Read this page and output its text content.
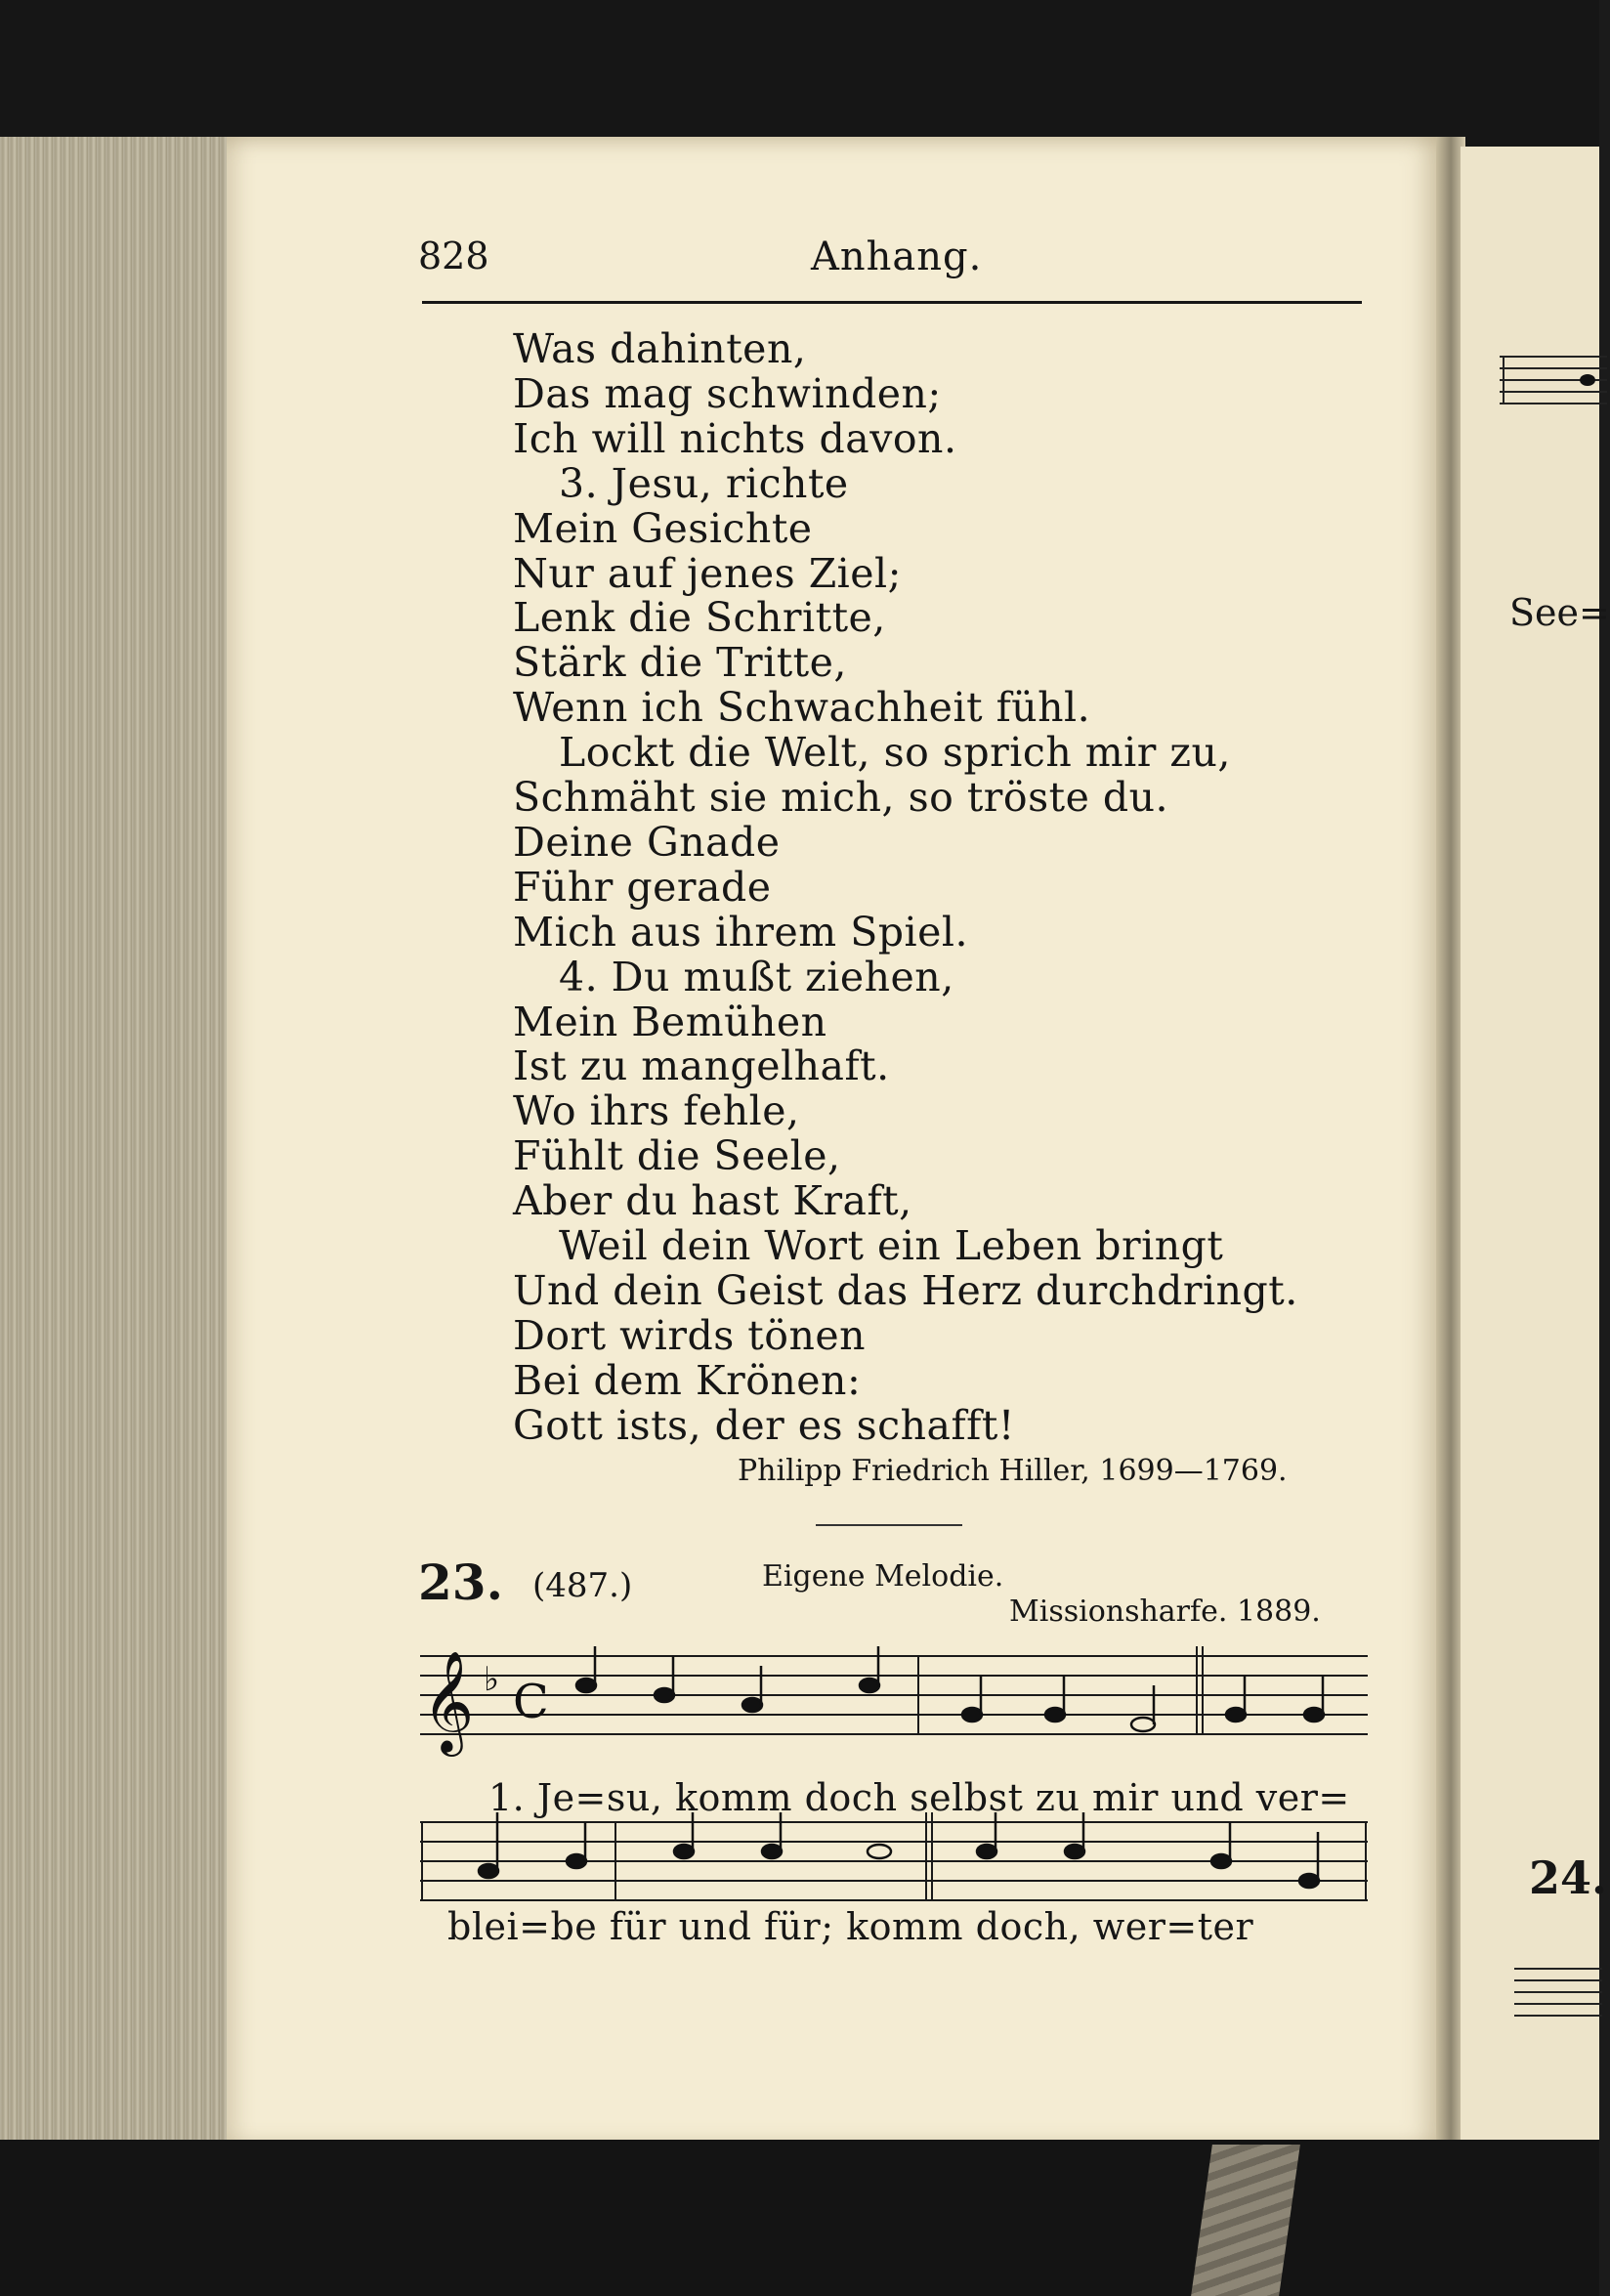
See=
24.
828	Anhang.
Was dahinten,
Das mag schwinden;
Ich will nichts davon.
3. Jesu, richte
Mein Gesichte
Nur auf jenes Ziel;
Lenk die Schritte,
Stärk die Tritte,
Wenn ich Schwachheit fühl.
Lockt die Welt, so sprich mir zu,
Schmäht sie mich, so tröste du.
Deine Gnade
Führ gerade
Mich aus ihrem Spiel.
4. Du mußt ziehen,
Mein Bemühen
Ist zu mangelhaft.
Wo ihrs fehle,
Fühlt die Seele,
Aber du hast Kraft,
Weil dein Wort ein Leben bringt
Und dein Geist das Herz durchdringt.
Dort wirds tönen
Bei dem Krönen:
Gott ists, der es schafft!
Philipp Friedrich Hiller, 1699—1769.
23. (487.)	Eigene Melodie.
Missionsharfe. 1889.
𝄞 ♭ C
1. Je=su, komm doch selbst zu mir und ver=
blei=be für und für; komm doch, wer=ter
